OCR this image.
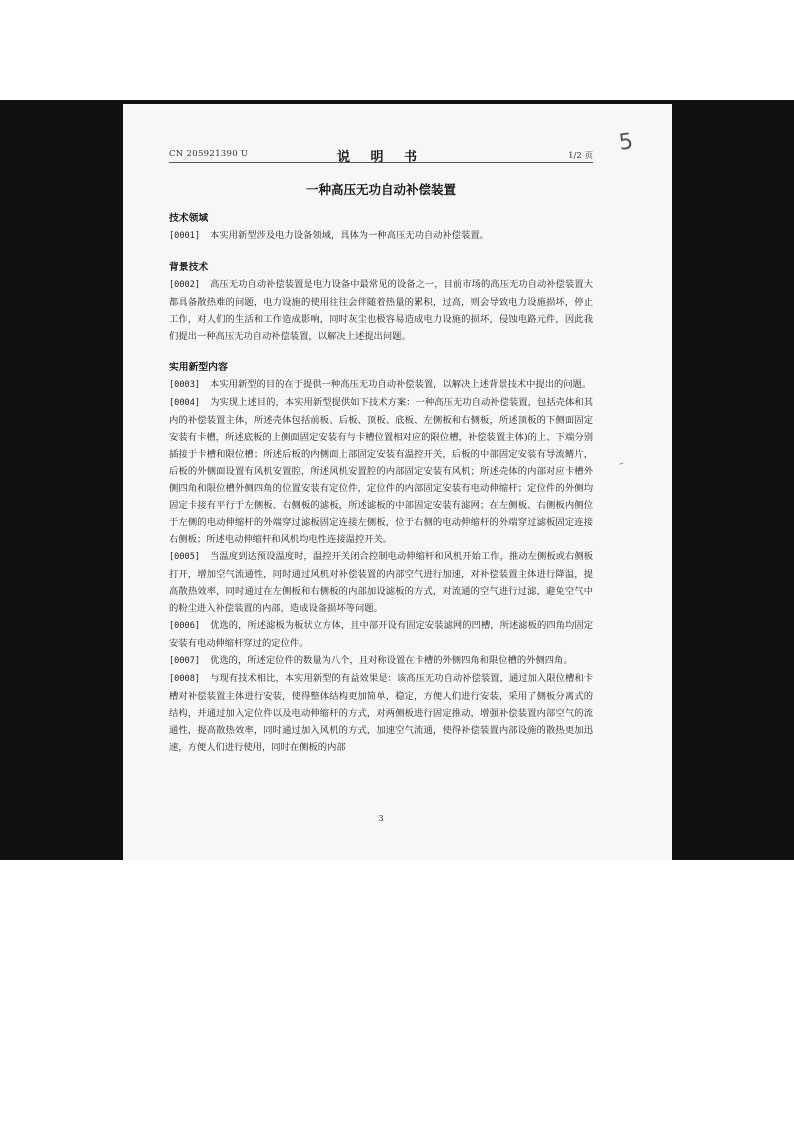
5
CN 205921390 U	说 明 书	1/2 页
一种高压无功自动补偿装置
技术领域

[0001] 本实用新型涉及电力设备领域，具体为一种高压无功自动补偿装置。

背景技术

[0002] 高压无功自动补偿装置是电力设备中最常见的设备之一，目前市场的高压无功自动补偿装置大都具备散热难的问题，电力设施的使用往往会伴随着热量的累积，过高，则会导致电力设施损坏，停止工作，对人们的生活和工作造成影响，同时灰尘也极容易造成电力设施的损坏，侵蚀电路元件，因此我们提出一种高压无功自动补偿装置，以解决上述提出问题。

实用新型内容

[0003] 本实用新型的目的在于提供一种高压无功自动补偿装置，以解决上述背景技术中提出的问题。

[0004] 为实现上述目的，本实用新型提供如下技术方案：一种高压无功自动补偿装置，包括壳体和其内的补偿装置主体，所述壳体包括前板、后板、顶板、底板、左侧板和右侧板，所述顶板的下侧面固定安装有卡槽，所述底板的上侧面固定安装有与卡槽位置相对应的限位槽，补偿装置主体)的上、下端分别插接于卡槽和限位槽；所述后板的内侧面上部固定安装有温控开关，后板的中部固定安装有导流鳍片，后板的外侧面设置有风机安置腔，所述风机安置腔的内部固定安装有风机；所述壳体的内部对应卡槽外侧四角和限位槽外侧四角的位置安装有定位件，定位件的内部固定安装有电动伸缩杆；定位件的外侧均固定卡接有平行于左侧板、右侧板的滤板，所述滤板的中部固定安装有滤网；在左侧板、右侧板内侧位于左侧的电动伸缩杆的外端穿过滤板固定连接左侧板，位于右侧的电动伸缩杆的外端穿过滤板固定连接右侧板；所述电动伸缩杆和风机均电性连接温控开关。

[0005] 当温度到达预设温度时，温控开关闭合控制电动伸缩杆和风机开始工作，推动左侧板或右侧板打开，增加空气流通性，同时通过风机对补偿装置的内部空气进行加速，对补偿装置主体进行降温，提高散热效率，同时通过在左侧板和右侧板的内部加设滤板的方式，对流通的空气进行过滤，避免空气中的粉尘进入补偿装置的内部，造成设备损坏等问题。

[0006] 优选的，所述滤板为板状立方体，且中部开设有固定安装滤网的凹槽，所述滤板的四角均固定安装有电动伸缩杆穿过的定位件。

[0007] 优选的，所述定位件的数量为八个，且对称设置在卡槽的外侧四角和限位槽的外侧四角。

[0008] 与现有技术相比，本实用新型的有益效果是：该高压无功自动补偿装置，通过加入限位槽和卡槽对补偿装置主体进行安装，使得整体结构更加简单，稳定，方便人们进行安装，采用了侧板分离式的结构，并通过加入定位件以及电动伸缩杆的方式，对两侧板进行固定推动，增强补偿装置内部空气的流通性，提高散热效率，同时通过加入风机的方式，加速空气流通，使得补偿装置内部设施的散热更加迅速，方便人们进行使用，同时在侧板的内部

3
